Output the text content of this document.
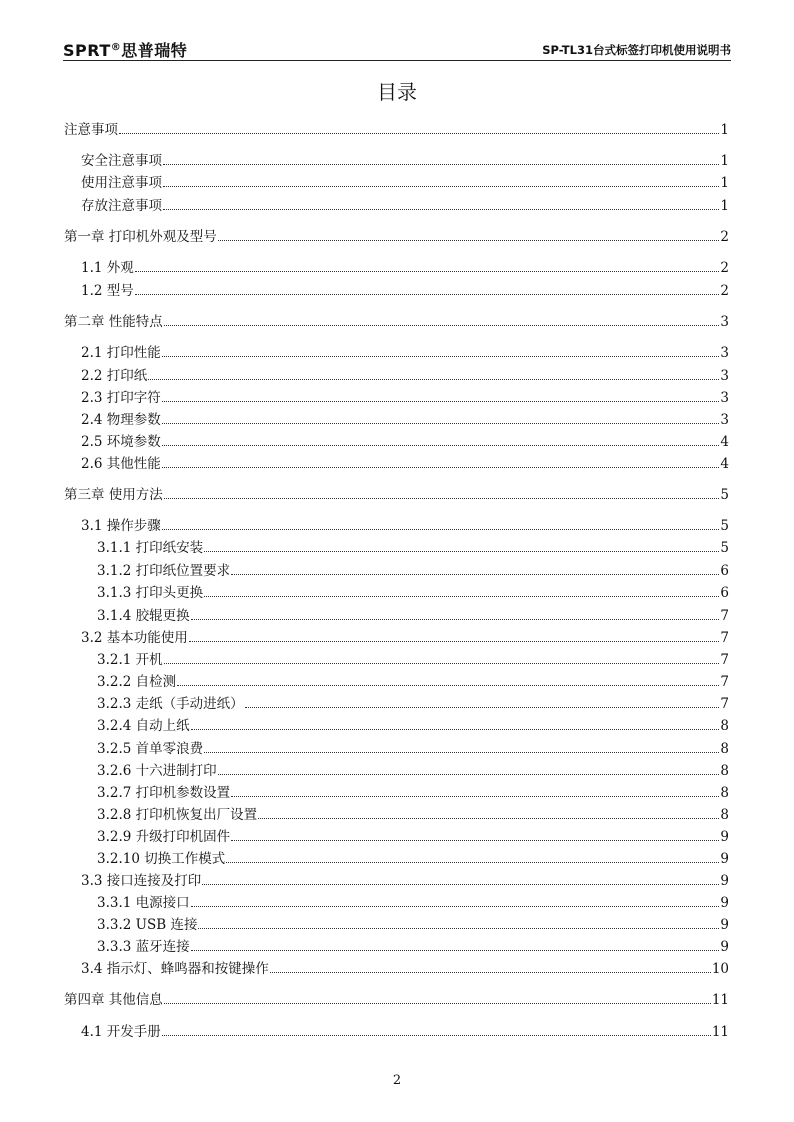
SPRT®思普瑞特	SP-TL31台式标签打印机使用说明书
目录
注意事项	1
安全注意事项	1
使用注意事项	1
存放注意事项	1
第一章 打印机外观及型号	2
1.1 外观	2
1.2 型号	2
第二章 性能特点	3
2.1 打印性能	3
2.2 打印纸	3
2.3 打印字符	3
2.4 物理参数	3
2.5 环境参数	4
2.6 其他性能	4
第三章 使用方法	5
3.1 操作步骤	5
3.1.1 打印纸安装	5
3.1.2 打印纸位置要求	6
3.1.3 打印头更换	6
3.1.4 胶辊更换	7
3.2 基本功能使用	7
3.2.1 开机	7
3.2.2 自检测	7
3.2.3 走纸（手动进纸）	7
3.2.4 自动上纸	8
3.2.5 首单零浪费	8
3.2.6 十六进制打印	8
3.2.7 打印机参数设置	8
3.2.8 打印机恢复出厂设置	8
3.2.9 升级打印机固件	9
3.2.10 切换工作模式	9
3.3 接口连接及打印	9
3.3.1 电源接口	9
3.3.2 USB 连接	9
3.3.3 蓝牙连接	9
3.4 指示灯、蜂鸣器和按键操作	10
第四章 其他信息	11
4.1 开发手册	11
2
